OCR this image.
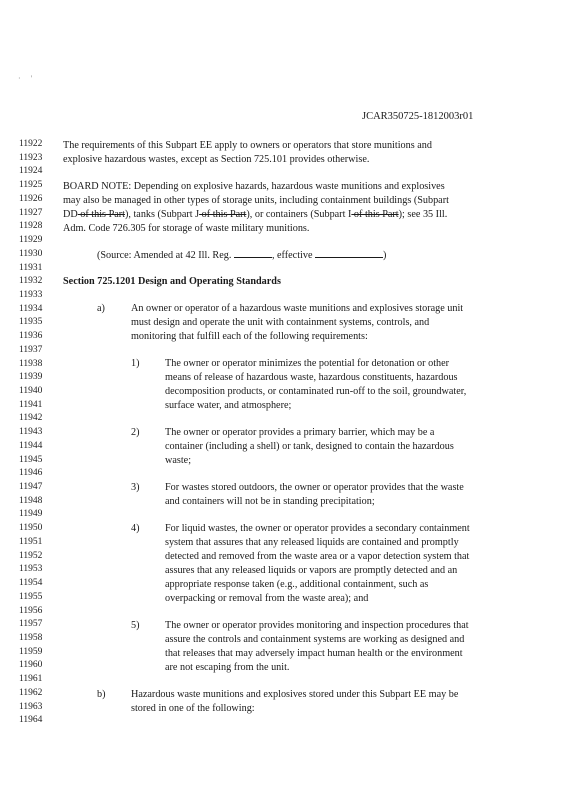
·     '
JCAR350725-1812003r01
The requirements of this Subpart EE apply to owners or operators that store munitions and
explosive hazardous wastes, except as Section 725.101 provides otherwise.
BOARD NOTE: Depending on explosive hazards, hazardous waste munitions and explosives
may also be managed in other types of storage units, including containment buildings (Subpart
DD of this Part), tanks (Subpart J of this Part), or containers (Subpart I of this Part); see 35 Ill.
Adm. Code 726.305 for storage of waste military munitions.
(Source: Amended at 42 Ill. Reg.	, effective	)
Section 725.1201 Design and Operating Standards
a)	An owner or operator of a hazardous waste munitions and explosives storage unit
must design and operate the unit with containment systems, controls, and
monitoring that fulfill each of the following requirements:
1)	The owner or operator minimizes the potential for detonation or other
means of release of hazardous waste, hazardous constituents, hazardous
decomposition products, or contaminated run-off to the soil, groundwater,
surface water, and atmosphere;
2)	The owner or operator provides a primary barrier, which may be a
container (including a shell) or tank, designed to contain the hazardous
waste;
3)	For wastes stored outdoors, the owner or operator provides that the waste
and containers will not be in standing precipitation;
4)	For liquid wastes, the owner or operator provides a secondary containment
system that assures that any released liquids are contained and promptly
detected and removed from the waste area or a vapor detection system that
assures that any released liquids or vapors are promptly detected and an
appropriate response taken (e.g., additional containment, such as
overpacking or removal from the waste area); and
5)	The owner or operator provides monitoring and inspection procedures that
assure the controls and containment systems are working as designed and
that releases that may adversely impact human health or the environment
are not escaping from the unit.
b)	Hazardous waste munitions and explosives stored under this Subpart EE may be
stored in one of the following:
11922
11923
11924
11925
11926
11927
11928
11929
11930
11931
11932
11933
11934
11935
11936
11937
11938
11939
11940
11941
11942
11943
11944
11945
11946
11947
11948
11949
11950
11951
11952
11953
11954
11955
11956
11957
11958
11959
11960
11961
11962
11963
11964
